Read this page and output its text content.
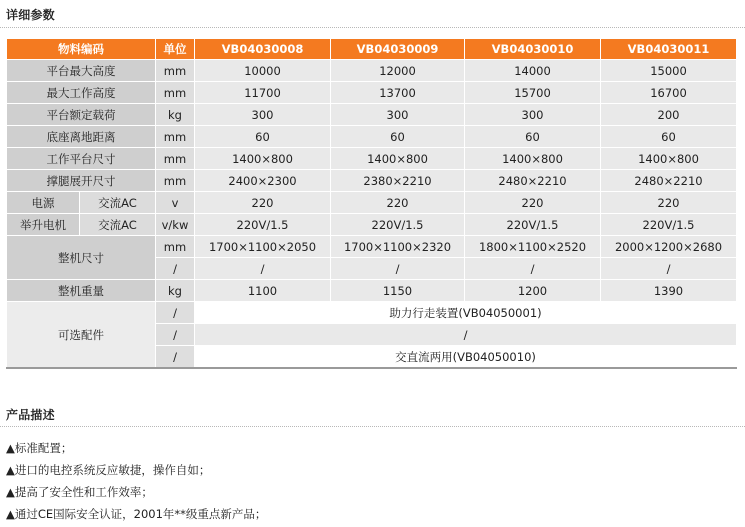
详细参数
物料编码		单位	VB04030008	VB04030009	VB04030010	VB04030011
平台最大高度		mm	10000	12000	14000	15000
最大工作高度		mm	11700	13700	15700	16700
平台额定载荷		kg	300	300	300	200
底座离地距离		mm	60	60	60	60
工作平台尺寸		mm	1400×800	1400×800	1400×800	1400×800
撑腿展开尺寸		mm	2400×2300	2380×2210	2480×2210	2480×2210
电源	交流AC	v	220	220	220	220
举升电机	交流AC	v/kw	220V/1.5	220V/1.5	220V/1.5	220V/1.5
整机尺寸		mm	1700×1100×2050	1700×1100×2320	1800×1100×2520	2000×1200×2680
		/	/	/	/	/
整机重量		kg	1100	1150	1200	1390
可选配件		/	助力行走装置(VB04050001)			
		/	/			
		/	交直流两用(VB04050010)			
产品描述
▲标准配置；
▲进口的电控系统反应敏捷，操作自如；
▲提高了安全性和工作效率；
▲通过CE国际安全认证，2001年**级重点新产品；
